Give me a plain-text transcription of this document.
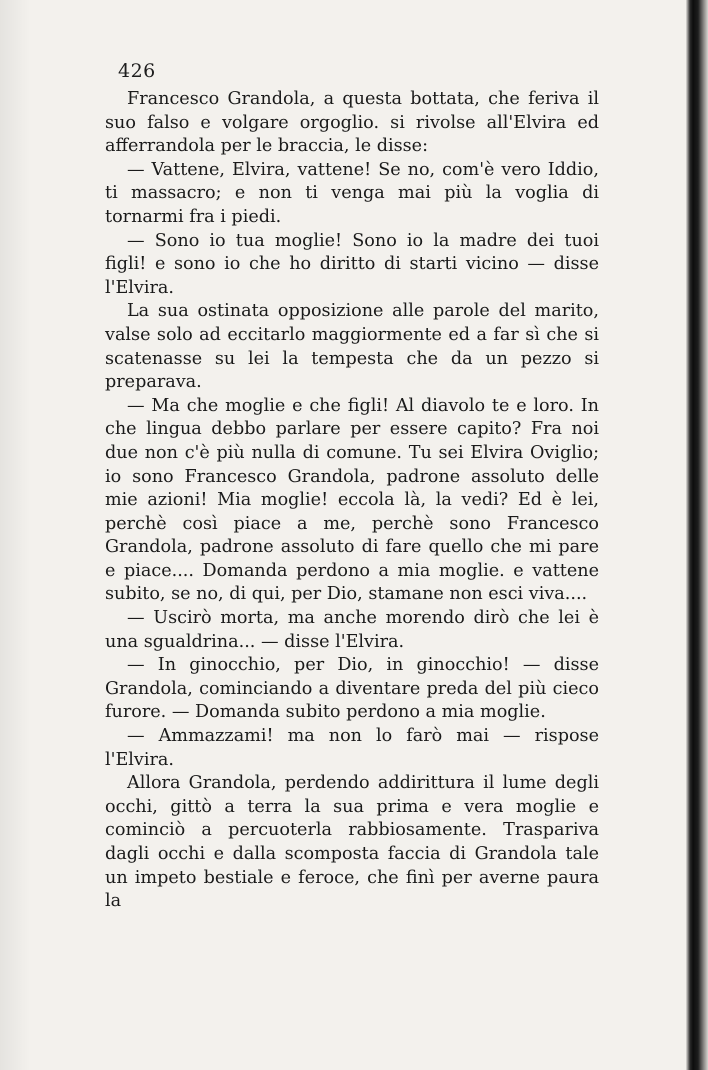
426

Francesco Grandola, a questa bottata, che feriva il suo falso e volgare orgoglio. si rivolse all'Elvira ed afferrandola per le braccia, le disse:

— Vattene, Elvira, vattene! Se no, com'è vero Iddio, ti massacro; e non ti venga mai più la voglia di tornarmi fra i piedi.

— Sono io tua moglie! Sono io la madre dei tuoi figli! e sono io che ho diritto di starti vicino — disse l'Elvira.

La sua ostinata opposizione alle parole del marito, valse solo ad eccitarlo maggiormente ed a far sì che si scatenasse su lei la tempesta che da un pezzo si preparava.

— Ma che moglie e che figli! Al diavolo te e loro. In che lingua debbo parlare per essere capito? Fra noi due non c'è più nulla di comune. Tu sei Elvira Oviglio; io sono Francesco Grandola, padrone assoluto delle mie azioni! Mia moglie! eccola là, la vedi? Ed è lei, perchè così piace a me, perchè sono Francesco Grandola, padrone assoluto di fare quello che mi pare e piace.... Domanda perdono a mia moglie. e vattene subito, se no, di qui, per Dio, stamane non esci viva....

— Uscirò morta, ma anche morendo dirò che lei è una sgualdrina... — disse l'Elvira.

— In ginocchio, per Dio, in ginocchio! — disse Grandola, cominciando a diventare preda del più cieco furore. — Domanda subito perdono a mia moglie.

— Ammazzami! ma non lo farò mai — rispose l'Elvira.

Allora Grandola, perdendo addirittura il lume degli occhi, gittò a terra la sua prima e vera moglie e cominciò a percuoterla rabbiosamente. Traspariva dagli occhi e dalla scomposta faccia di Grandola tale un impeto bestiale e feroce, che finì per averne paura la
